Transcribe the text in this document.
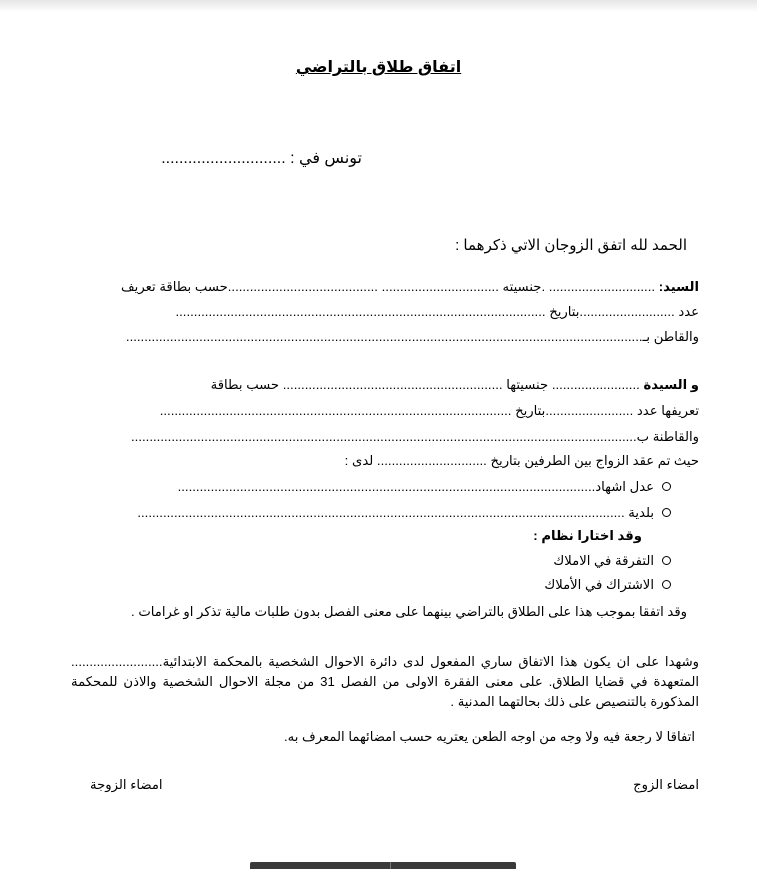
اتفاق طلاق بالتراضي
تونس في : ............................
الحمد لله اتفق الزوجان الاتي ذكرهما :
السيد: ............................. .جنسيته ................................ .........................................حسب بطاقة تعريف
عدد ..........................بتاريخ .....................................................................................................
والقاطن بـ.............................................................................................................................................
و السيدة ........................ جنسيتها ............................................................ حسب بطاقة
تعريفها عدد ........................بتاريخ ................................................................................................
والقاطنة ب..........................................................................................................................................
حيث تم عقد الزواج بين الطرفين بتاريخ .............................. لدى :
عدل اشهاد..................................................................................................................
بلدية .....................................................................................................................................
وقد اختارا نظام :
التفرقة في الاملاك
الاشتراك في الأملاك
وقد اتفقا بموجب هذا على الطلاق بالتراضي بينهما على معنى الفصل بدون طلبات مالية تذكر او غرامات .
وشهدا على ان يكون هذا الاتفاق ساري المفعول لدى دائرة الاحوال الشخصية بالمحكمة الابتدائية......................... المتعهدة في قضايا الطلاق. على معنى الفقرة الاولى من الفصل 31 من مجلة الاحوال الشخصية والاذن للمحكمة المذكورة بالتنصيص على ذلك بحالتهما المدنية .
اتفاقا لا رجعة فيه ولا وجه من اوجه الطعن يعتريه حسب امضائهما المعرف به.
امضاء الزوج
امضاء الزوجة
